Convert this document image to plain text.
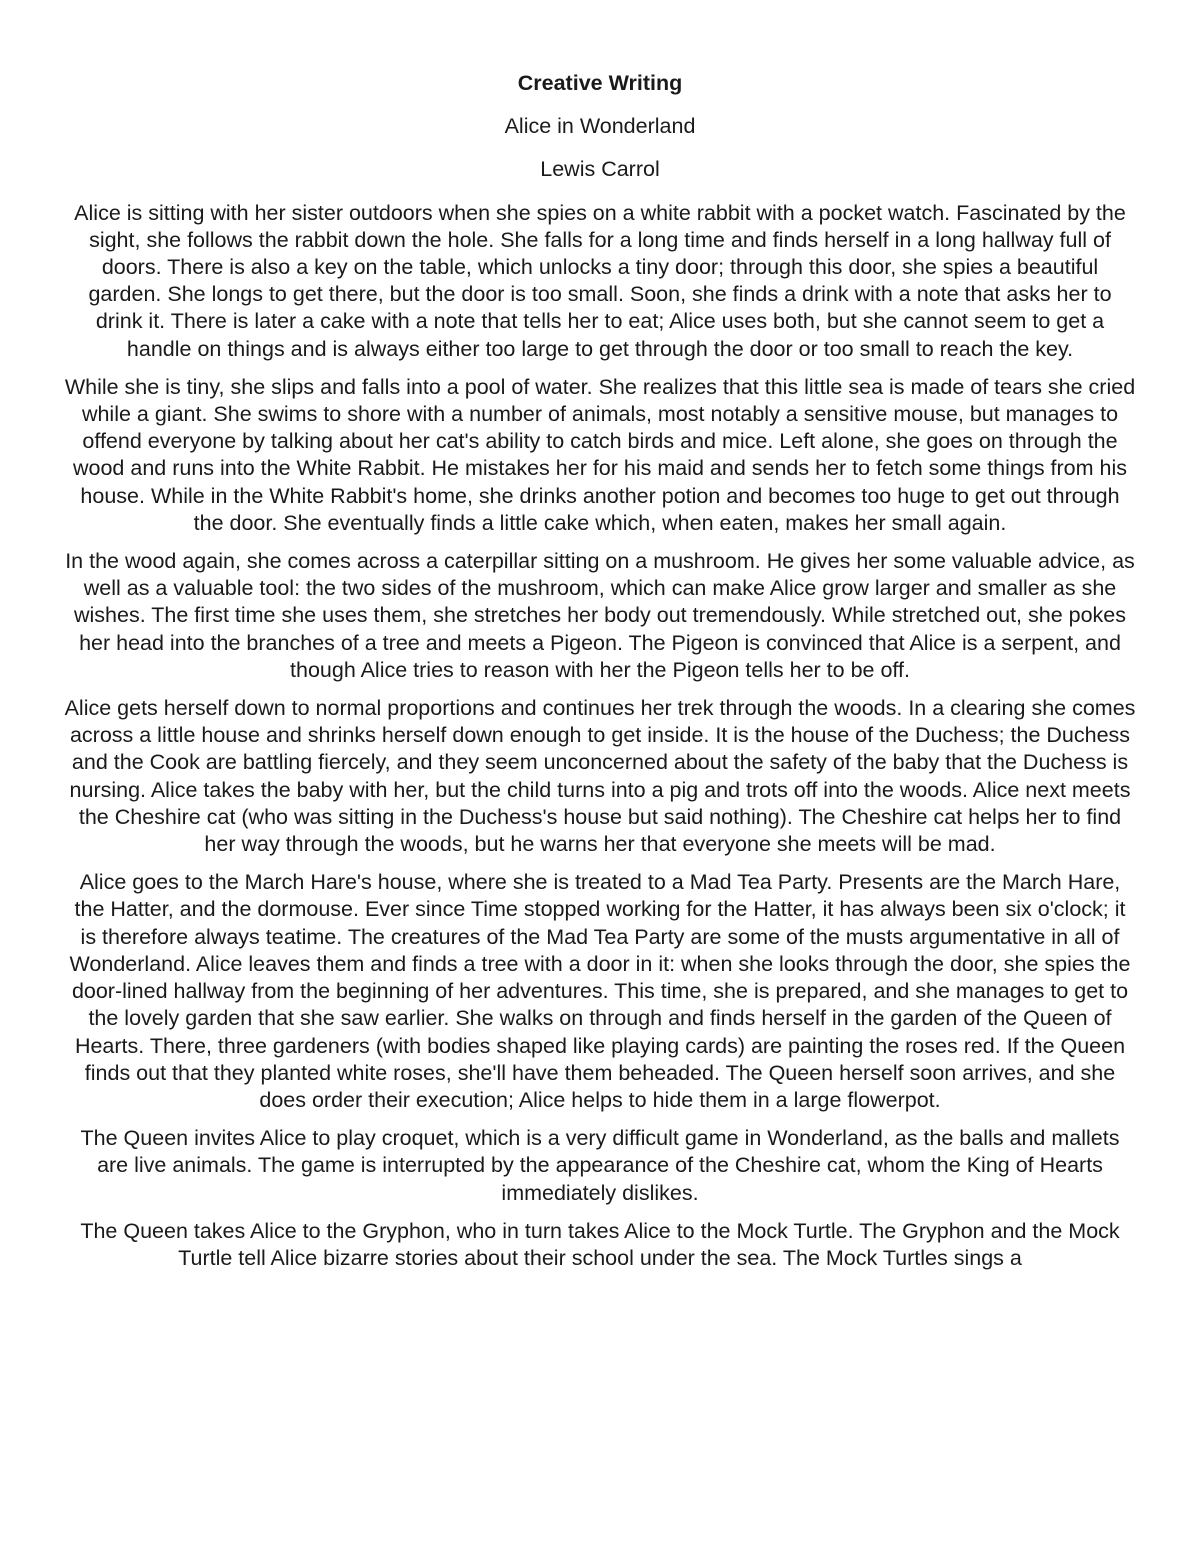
Creative Writing

Alice in Wonderland

Lewis Carrol

Alice is sitting with her sister outdoors when she spies on a white rabbit with a pocket watch. Fascinated by the sight, she follows the rabbit down the hole. She falls for a long time and finds herself in a long hallway full of doors. There is also a key on the table, which unlocks a tiny door; through this door, she spies a beautiful garden. She longs to get there, but the door is too small. Soon, she finds a drink with a note that asks her to drink it. There is later a cake with a note that tells her to eat; Alice uses both, but she cannot seem to get a handle on things and is always either too large to get through the door or too small to reach the key.

While she is tiny, she slips and falls into a pool of water. She realizes that this little sea is made of tears she cried while a giant. She swims to shore with a number of animals, most notably a sensitive mouse, but manages to offend everyone by talking about her cat's ability to catch birds and mice. Left alone, she goes on through the wood and runs into the White Rabbit. He mistakes her for his maid and sends her to fetch some things from his house. While in the White Rabbit's home, she drinks another potion and becomes too huge to get out through the door. She eventually finds a little cake which, when eaten, makes her small again.

In the wood again, she comes across a caterpillar sitting on a mushroom. He gives her some valuable advice, as well as a valuable tool: the two sides of the mushroom, which can make Alice grow larger and smaller as she wishes. The first time she uses them, she stretches her body out tremendously. While stretched out, she pokes her head into the branches of a tree and meets a Pigeon. The Pigeon is convinced that Alice is a serpent, and though Alice tries to reason with her the Pigeon tells her to be off.

Alice gets herself down to normal proportions and continues her trek through the woods. In a clearing she comes across a little house and shrinks herself down enough to get inside. It is the house of the Duchess; the Duchess and the Cook are battling fiercely, and they seem unconcerned about the safety of the baby that the Duchess is nursing. Alice takes the baby with her, but the child turns into a pig and trots off into the woods. Alice next meets the Cheshire cat (who was sitting in the Duchess's house but said nothing). The Cheshire cat helps her to find her way through the woods, but he warns her that everyone she meets will be mad.

Alice goes to the March Hare's house, where she is treated to a Mad Tea Party. Presents are the March Hare, the Hatter, and the dormouse. Ever since Time stopped working for the Hatter, it has always been six o'clock; it is therefore always teatime. The creatures of the Mad Tea Party are some of the musts argumentative in all of Wonderland. Alice leaves them and finds a tree with a door in it: when she looks through the door, she spies the door-lined hallway from the beginning of her adventures. This time, she is prepared, and she manages to get to the lovely garden that she saw earlier. She walks on through and finds herself in the garden of the Queen of Hearts. There, three gardeners (with bodies shaped like playing cards) are painting the roses red. If the Queen finds out that they planted white roses, she'll have them beheaded. The Queen herself soon arrives, and she does order their execution; Alice helps to hide them in a large flowerpot.

The Queen invites Alice to play croquet, which is a very difficult game in Wonderland, as the balls and mallets are live animals. The game is interrupted by the appearance of the Cheshire cat, whom the King of Hearts immediately dislikes.

The Queen takes Alice to the Gryphon, who in turn takes Alice to the Mock Turtle. The Gryphon and the Mock Turtle tell Alice bizarre stories about their school under the sea. The Mock Turtles sings a
